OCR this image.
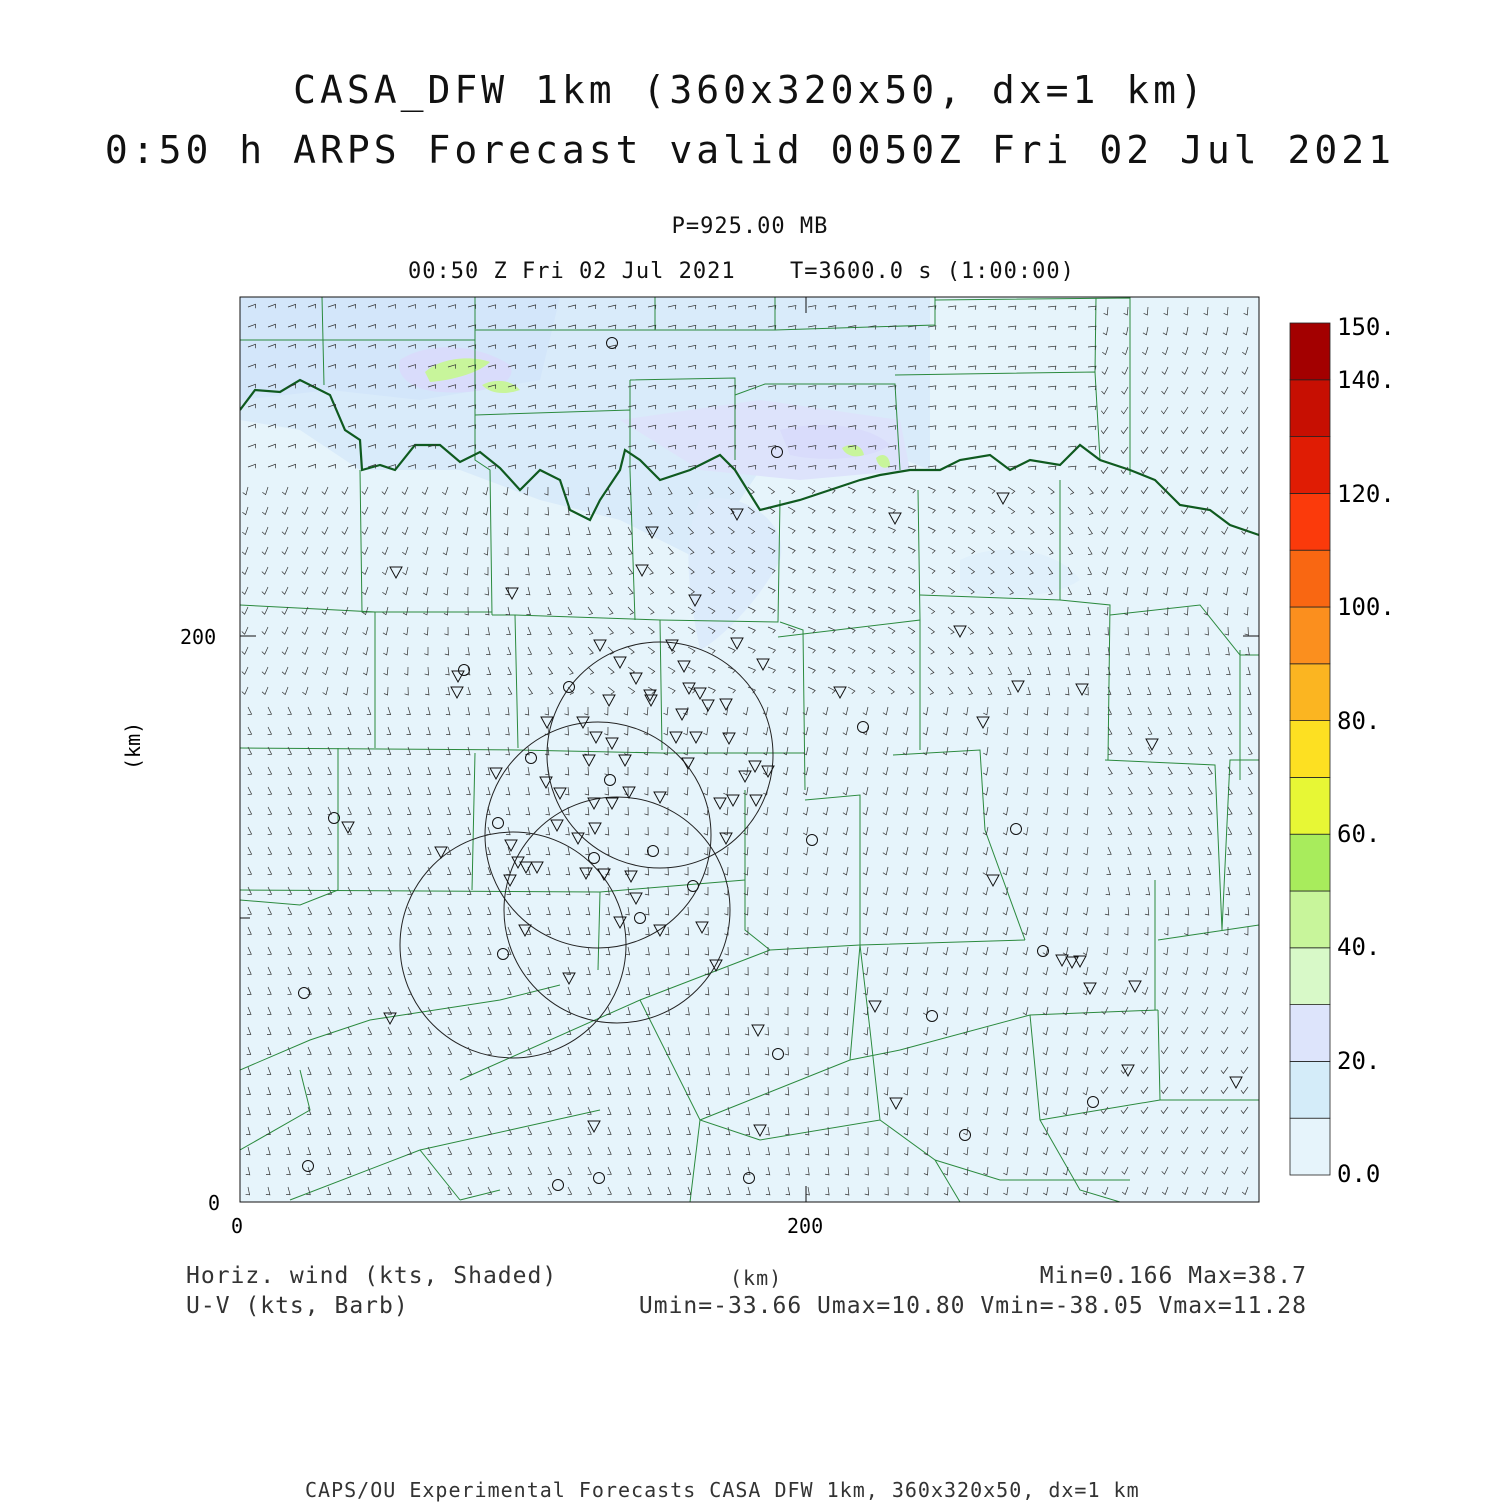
CASA_DFW 1km (360x320x50, dx=1 km)
0:50 h ARPS Forecast valid 0050Z Fri 02 Jul 2021
P=925.00 MB
00:50 Z Fri 02 Jul 2021 T=3600.0 s (1:00:00)
0	200
0
200
(km)
0.0
20.
40.
60.
80.
100.
120.
140.
150.
Horiz. wind (kts, Shaded)
U-V (kts, Barb)
(km)	Min=0.166 Max=38.7
Umin=-33.66 Umax=10.80 Vmin=-38.05 Vmax=11.28
CAPS/OU Experimental Forecasts CASA DFW 1km, 360x320x50, dx=1 km
